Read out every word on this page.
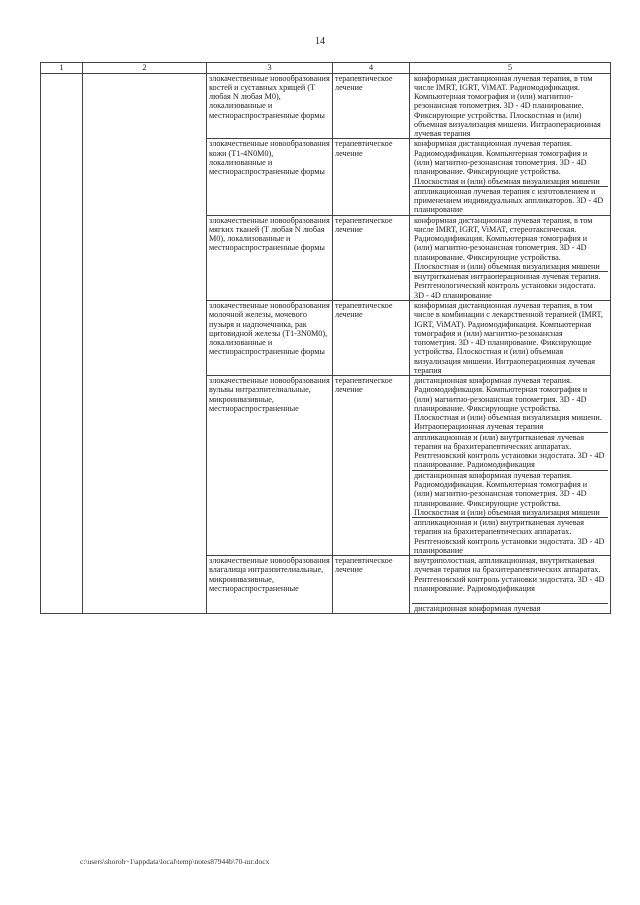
14
1	2	3	4	5
		злокачественные новообразования костей и суставных хрящей (T любая N любая M0), локализованные и местнораспространенные формы	терапевтическое лечение	конформная дистанционная лучевая терапия, в том числе IMRT, IGRT, ViMAT. Радиомодификация. Компьютерная томография и (или) магнитно-резонансная топометрия. 3D - 4D планирование. Фиксирующие устройства. Плоскостная и (или) объемная визуализация мишени. Интраоперационная лучевая терапия

		злокачественные новообразования кожи (T1-4N0M0), локализованные и местнораспространенные формы	терапевтическое лечение	конформная дистанционная лучевая терапия. Радиомодификация. Компьютерная томография и (или) магнитно-резонансная топометрия. 3D - 4D планирование. Фиксирующие устройства. Плоскостная и (или) объемная визуализация мишени
аппликационная лучевая терапия с изготовлением и применением индивидуальных аппликаторов. 3D - 4D планирование

		злокачественные новообразования мягких тканей (T любая N любая M0), локализованные и местнораспространенные формы	терапевтическое лечение	конформная дистанционная лучевая терапия, в том числе IMRT, IGRT, ViMAT, стереотаксическая. Радиомодификация. Компьютерная томография и (или) магнитно-резонансная топометрия. 3D - 4D планирование. Фиксирующие устройства. Плоскостная и (или) объемная визуализация мишени
внутритканевая интраоперационная лучевая терапия. Рентгенологический контроль установки эндостата. 3D - 4D планирование

		злокачественные новообразования молочной железы, мочевого пузыря и надпочечника, рак щитовидной железы (T1-3N0M0), локализованные и местнораспространенные формы	терапевтическое лечение	конформная дистанционная лучевая терапия, в том числе в комбинации с лекарственной терапией (IMRT, IGRT, ViMAT). Радиомодификация. Компьютерная томография и (или) магнитно-резонансная топометрия. 3D - 4D планирование. Фиксирующие устройства. Плоскостная и (или) объемная визуализация мишени. Интраоперационная лучевая терапия

		злокачественные новообразования вульвы интраэпителиальные, микроинвазивные, местнораспространенные	терапевтическое лечение	дистанционная конформная лучевая терапия. Радиомодификация. Компьютерная томография и (или) магнитно-резонансная топометрия. 3D - 4D планирование. Фиксирующие устройства. Плоскостная и (или) объемная визуализация мишени. Интраоперационная лучевая терапия
аппликационная и (или) внутритканевая лучевая терапия на брахитерапевтических аппаратах. Рентгеновский контроль установки эндостата. 3D - 4D планирование. Радиомодификация
дистанционная конформная лучевая терапия. Радиомодификация. Компьютерная томография и (или) магнитно-резонансная топометрия. 3D - 4D планирование. Фиксирующие устройства. Плоскостная и (или) объемная визуализация мишени
аппликационная и (или) внутритканевая лучевая терапия на брахитерапевтических аппаратах. Рентгеновский контроль установки эндостата. 3D - 4D планирование

		злокачественные новообразования влагалища интраэпителиальные, микроинвазивные, местнораспространенные	терапевтическое лечение	внутриполостная, аппликационная, внутритканевая лучевая терапия на брахитерапевтических аппаратах. Рентгеновский контроль установки эндостата. 3D - 4D планирование. Радиомодификация
дистанционная конформная лучевая
c:\users\shoroh~1\appdata\local\temp\notes87944b\70-шг.docx
